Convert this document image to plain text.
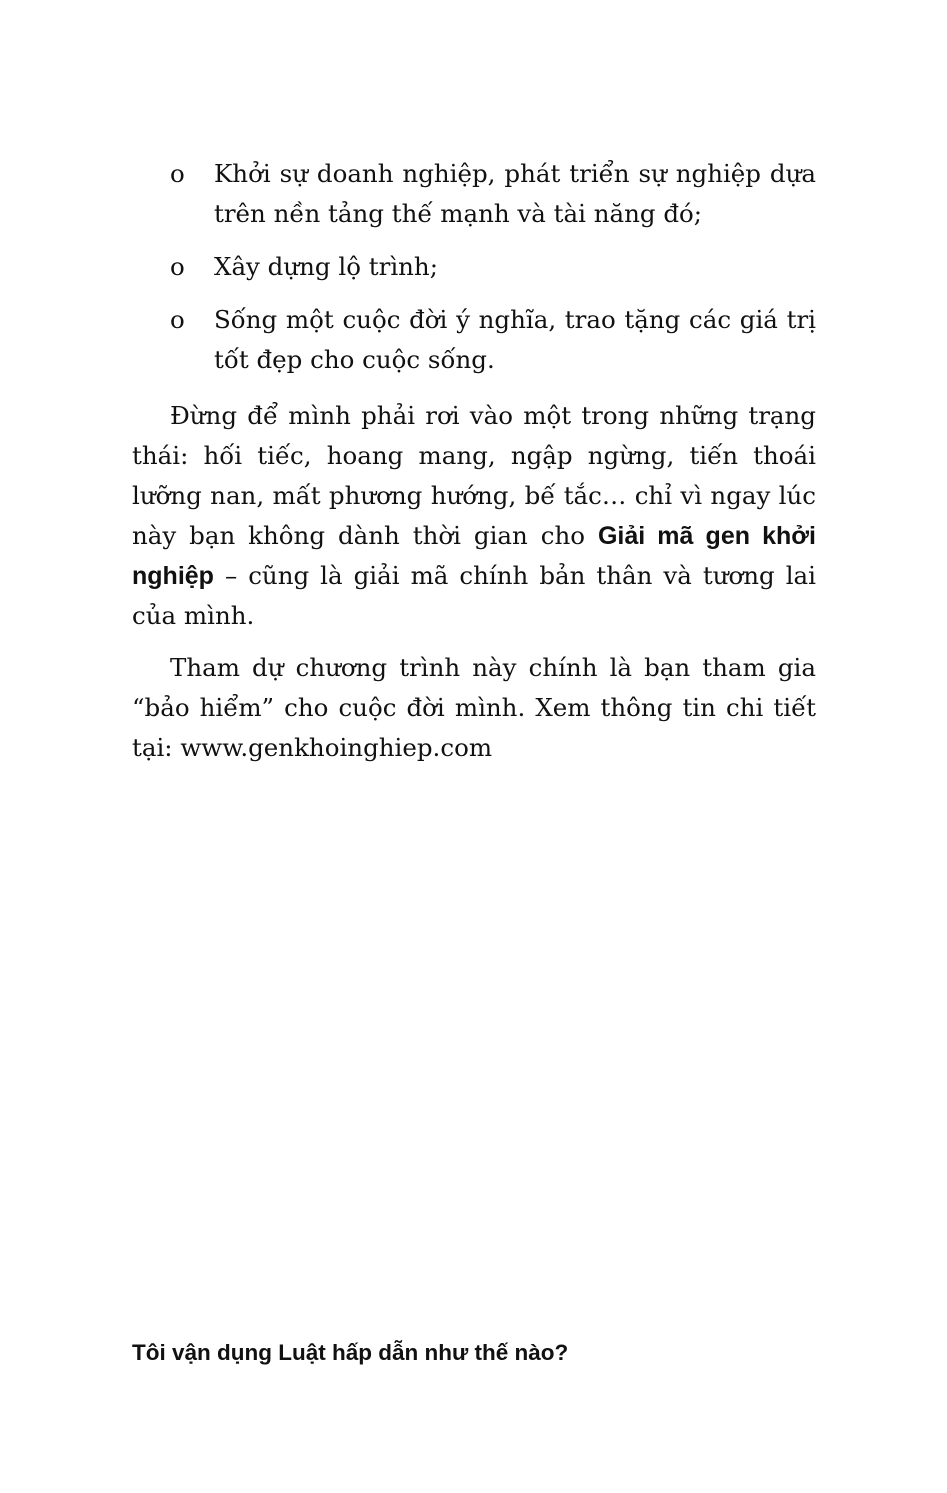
o Khởi sự doanh nghiệp, phát triển sự nghiệp dựa trên nền tảng thế mạnh và tài năng đó;
o Xây dựng lộ trình;
o Sống một cuộc đời ý nghĩa, trao tặng các giá trị tốt đẹp cho cuộc sống.

Đừng để mình phải rơi vào một trong những trạng thái: hối tiếc, hoang mang, ngập ngừng, tiến thoái lưỡng nan, mất phương hướng, bế tắc… chỉ vì ngay lúc này bạn không dành thời gian cho Giải mã gen khởi nghiệp – cũng là giải mã chính bản thân và tương lai của mình.

Tham dự chương trình này chính là bạn tham gia “bảo hiểm” cho cuộc đời mình. Xem thông tin chi tiết tại: www.genkhoinghiep.com

Tôi vận dụng Luật hấp dẫn như thế nào?
